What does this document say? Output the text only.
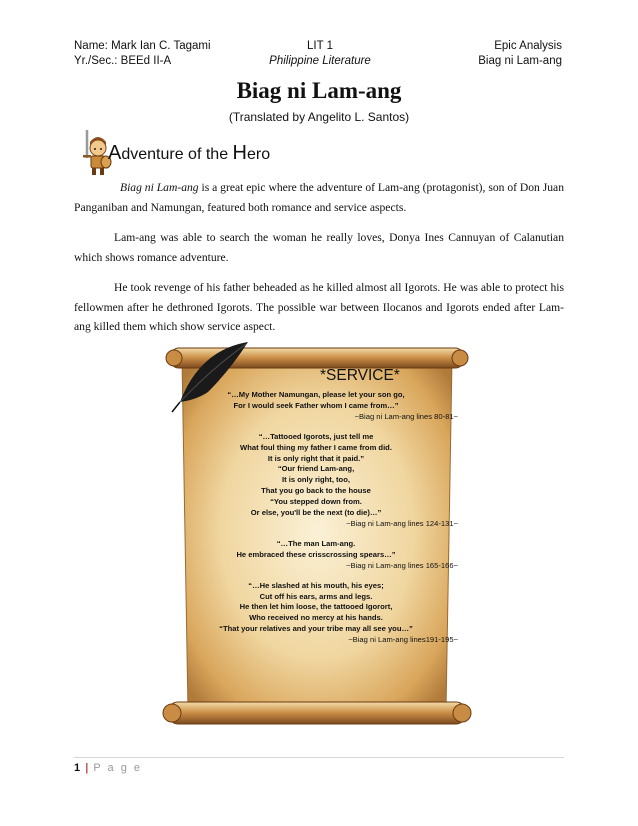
Name: Mark Ian C. Tagami
Yr./Sec.: BEEd II-A
LIT 1
Philippine Literature
Epic Analysis
Biag ni Lam-ang
Biag ni Lam-ang
(Translated by Angelito L. Santos)
Adventure of the Hero

Biag ni Lam-ang is a great epic where the adventure of Lam-ang (protagonist), son of Don Juan Panganiban and Namungan, featured both romance and service aspects.

Lam-ang was able to search the woman he really loves, Donya Ines Cannuyan of Calanutian which shows romance adventure.

He took revenge of his father beheaded as he killed almost all Igorots. He was able to protect his fellowmen after he dethroned Igorots. The possible war between Ilocanos and Igorots ended after Lam-ang killed them which show service aspect.

*SERVICE*
“…My Mother Namungan, please let your son go,
For I would seek Father whom I came from…”
~Biag ni Lam-ang lines 80-81~
“…Tattooed Igorots, just tell me
What foul thing my father I came from did.
It is only right that it paid.”
“Our friend Lam-ang,
It is only right, too,
That you go back to the house
“You stepped down from.
Or else, you'll be the next (to die)…”
~Biag ni Lam-ang lines 124-131~
“…The man Lam-ang.
He embraced these crisscrossing spears…”
~Biag ni Lam-ang lines 165-166~
“…He slashed at his mouth, his eyes;
Cut off his ears, arms and legs.
He then let him loose, the tattooed Igorort,
Who received no mercy at his hands.
“That your relatives and your tribe may all see you…”
~Biag ni Lam-ang lines191-195~
1 | P a g e
